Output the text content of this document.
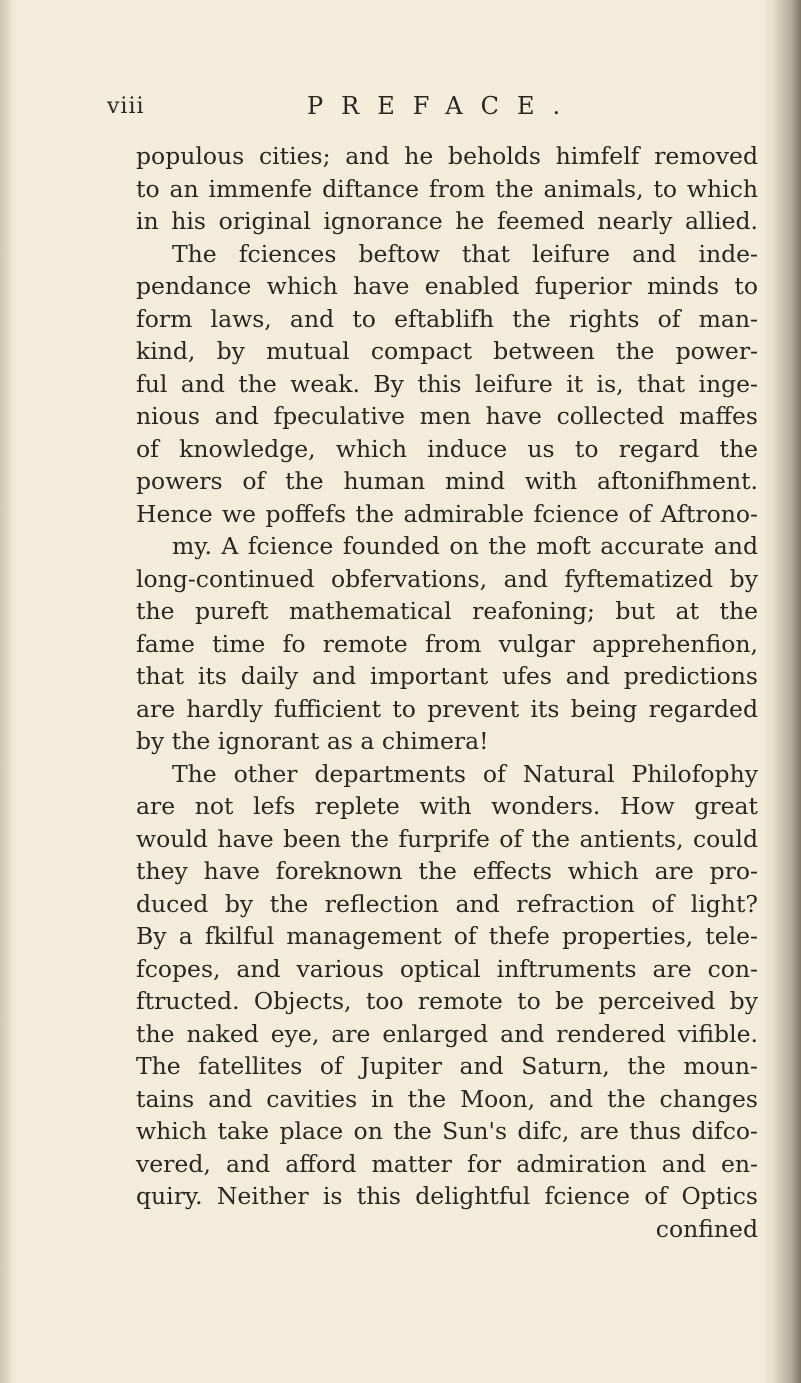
viii	PREFACE.
populous cities; and he beholds himfelf removed
to an immenfe diftance from the animals, to which
in his original ignorance he feemed nearly allied.
The fciences beftow that leifure and inde-
pendance which have enabled fuperior minds to
form laws, and to eftablifh the rights of man-
kind, by mutual compact between the power-
ful and the weak. By this leifure it is, that inge-
nious and fpeculative men have collected maffes
of knowledge, which induce us to regard the
powers of the human mind with aftonifhment.
Hence we poffefs the admirable fcience of Aftrono-
my. A fcience founded on the moft accurate and
long-continued obfervations, and fyftematized by
the pureft mathematical reafoning; but at the
fame time fo remote from vulgar apprehenfion,
that its daily and important ufes and predictions
are hardly fufficient to prevent its being regarded
by the ignorant as a chimera!
The other departments of Natural Philofophy
are not lefs replete with wonders. How great
would have been the furprife of the antients, could
they have foreknown the effects which are pro-
duced by the reflection and refraction of light?
By a fkilful management of thefe properties, tele-
fcopes, and various optical inftruments are con-
ftructed. Objects, too remote to be perceived by
the naked eye, are enlarged and rendered vifible.
The fatellites of Jupiter and Saturn, the moun-
tains and cavities in the Moon, and the changes
which take place on the Sun's difc, are thus difco-
vered, and afford matter for admiration and en-
quiry. Neither is this delightful fcience of Optics
confined
